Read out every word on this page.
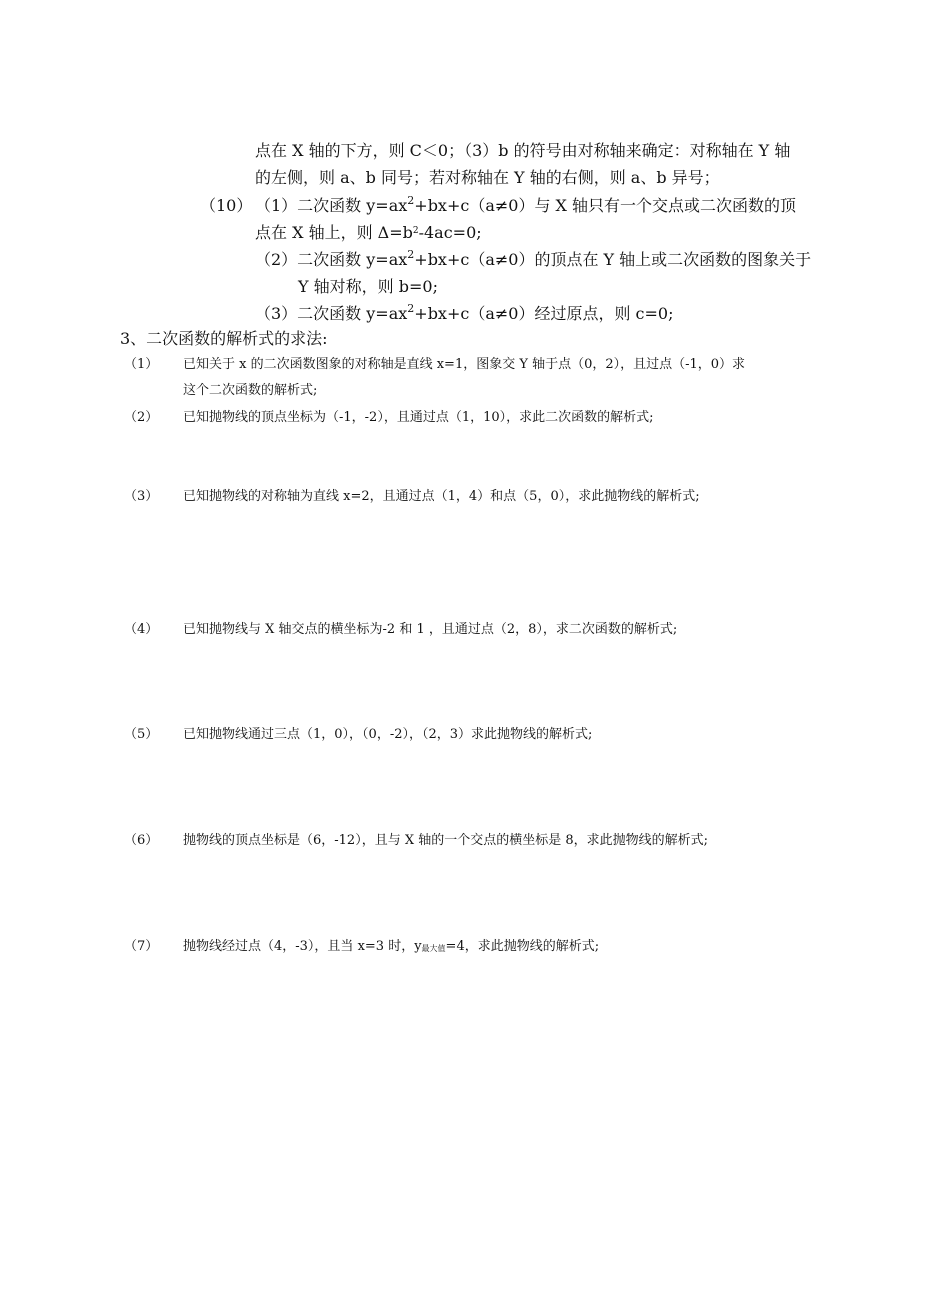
点在 X 轴的下方，则 C＜0；（3）b 的符号由对称轴来确定：对称轴在 Y 轴
的左侧，则 a、b 同号；若对称轴在 Y 轴的右侧，则 a、b 异号；
（10） （1）二次函数 $y=ax^2+bx+c(a\ne 0)$与 X 轴只有一个交点或二次函数的顶
点在 X 轴上，则 $\Delta=b^2-4ac=0$;
（2）二次函数 $y=ax^2+bx+c(a\ne 0)$的顶点在 Y 轴上或二次函数的图象关于
Y 轴对称，则 b=0;
（3）二次函数 $y=ax^2+bx+c(a\ne 0)$经过原点，则 c=0;
3、二次函数的解析式的求法:
（1） 已知关于 x 的二次函数图象的对称轴是直线 x=1，图象交 Y 轴于点（0，2），且过点（-1，0）求
这个二次函数的解析式;
（2） 已知抛物线的顶点坐标为（-1，-2），且通过点（1，10），求此二次函数的解析式;
（3） 已知抛物线的对称轴为直线 x=2，且通过点（1，4）和点（5，0），求此抛物线的解析式;
（4） 已知抛物线与 X 轴交点的横坐标为-2 和 1 ，且通过点（2，8），求二次函数的解析式;
（5） 已知抛物线通过三点（1，0），（0，-2），（2，3）求此抛物线的解析式;
（6） 抛物线的顶点坐标是（6，-12），且与 X 轴的一个交点的横坐标是 8，求此抛物线的解析式;
（7） 抛物线经过点（4，-3），且当 x=3 时，$y_{最大值}=4$，求此抛物线的解析式;
